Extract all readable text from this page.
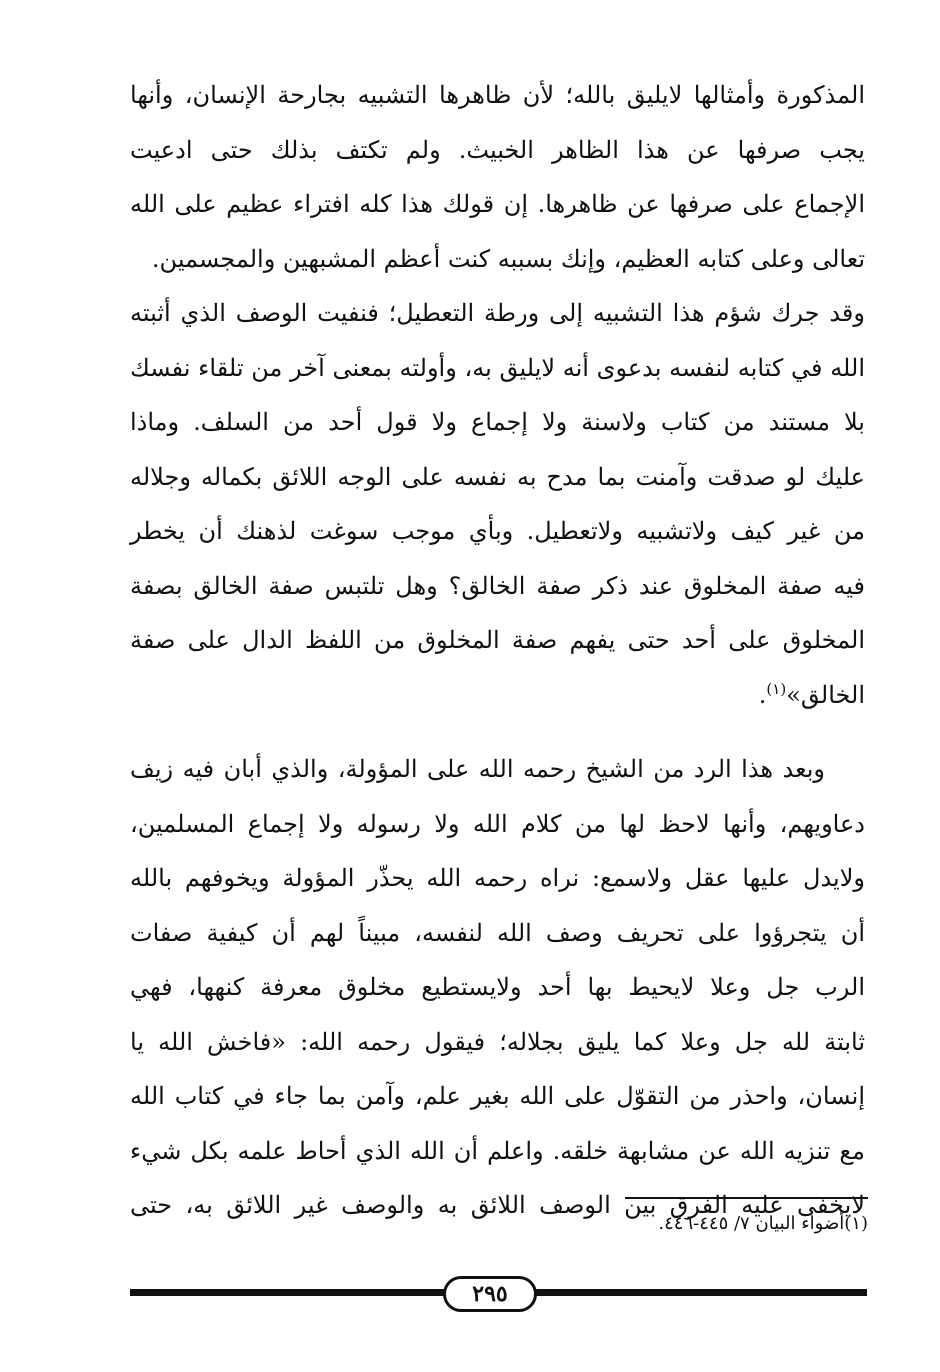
المذكورة وأمثالها لايليق بالله؛ لأن ظاهرها التشبيه بجارحة الإنسان، وأنها
يجب صرفها عن هذا الظاهر الخبيث. ولم تكتف بذلك حتى ادعيت
الإجماع على صرفها عن ظاهرها. إن قولك هذا كله افتراء عظيم على الله
تعالى وعلى كتابه العظيم، وإنك بسببه كنت أعظم المشبهين والمجسمين.
وقد جرك شؤم هذا التشبيه إلى ورطة التعطيل؛ فنفيت الوصف الذي أثبته
الله في كتابه لنفسه بدعوى أنه لايليق به، وأولته بمعنى آخر من تلقاء نفسك
بلا مستند من كتاب ولاسنة ولا إجماع ولا قول أحد من السلف. وماذا
عليك لو صدقت وآمنت بما مدح به نفسه على الوجه اللائق بكماله وجلاله
من غير كيف ولاتشبيه ولاتعطيل. وبأي موجب سوغت لذهنك أن يخطر
فيه صفة المخلوق عند ذكر صفة الخالق؟ وهل تلتبس صفة الخالق بصفة
المخلوق على أحد حتى يفهم صفة المخلوق من اللفظ الدال على صفة
الخالق»$^{(١)}$.
وبعد هذا الرد من الشيخ رحمه الله على المؤولة، والذي أبان فيه زيف
دعاويهم، وأنها لاحظ لها من كلام الله ولا رسوله ولا إجماع المسلمين،
ولايدل عليها عقل ولاسمع: نراه رحمه الله يحذّر المؤولة ويخوفهم بالله
أن يتجرؤوا على تحريف وصف الله لنفسه، مبيناً لهم أن كيفية صفات
الرب جل وعلا لايحيط بها أحد ولايستطيع مخلوق معرفة كنهها، فهي
ثابتة لله جل وعلا كما يليق بجلاله؛ فيقول رحمه الله: «فاخش الله يا
إنسان، واحذر من التقوّل على الله بغير علم، وآمن بما جاء في كتاب الله
مع تنزيه الله عن مشابهة خلقه. واعلم أن الله الذي أحاط علمه بكل شيء
لايخفى عليه الفرق بين الوصف اللائق به والوصف غير اللائق به، حتى
(١)أضواء البيان ٧/ ٤٤٥-٤٤٦.
٢٩٥
